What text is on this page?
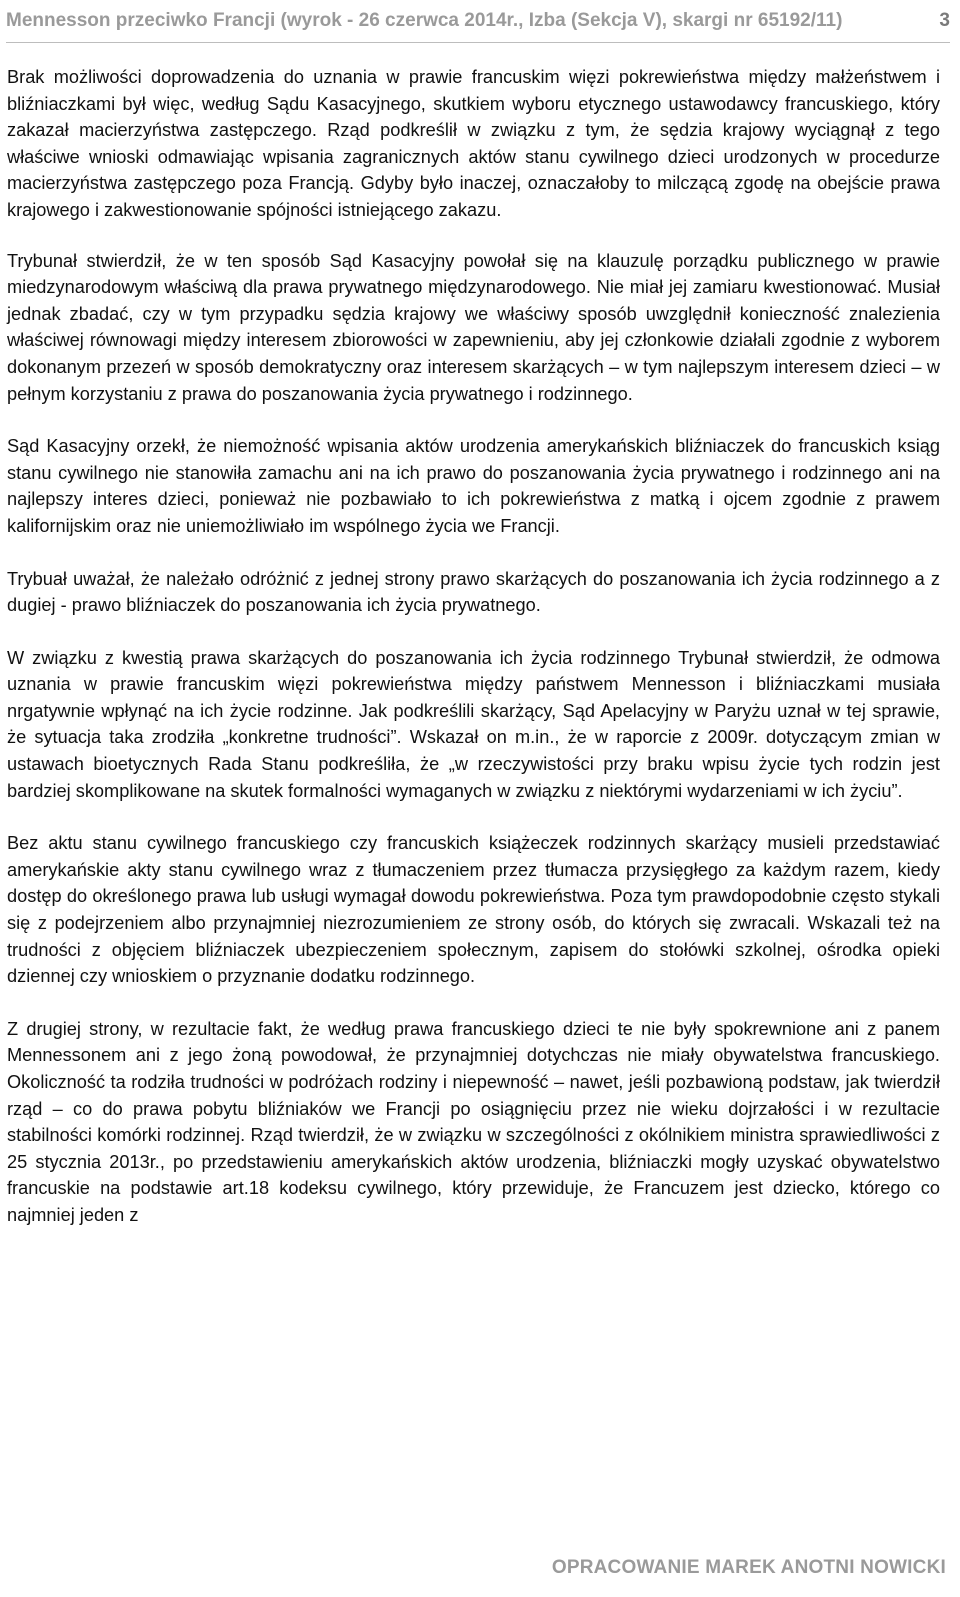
Mennesson przeciwko Francji (wyrok - 26 czerwca 2014r., Izba (Sekcja V), skargi nr 65192/11)	3

Brak możliwości doprowadzenia do uznania w prawie francuskim więzi pokrewieństwa między małżeństwem i bliźniaczkami był więc, według Sądu Kasacyjnego, skutkiem wyboru etycznego ustawodawcy francuskiego, który zakazał macierzyństwa zastępczego. Rząd podkreślił w związku z tym, że sędzia krajowy wyciągnął z tego właściwe wnioski odmawiając wpisania zagranicznych aktów stanu cywilnego dzieci urodzonych w procedurze macierzyństwa zastępczego poza Francją. Gdyby było inaczej, oznaczałoby to milczącą zgodę na obejście prawa krajowego i zakwestionowanie spójności istniejącego zakazu.

Trybunał stwierdził, że w ten sposób Sąd Kasacyjny powołał się na klauzulę porządku publicznego w prawie miedzynarodowym właściwą dla prawa prywatnego międzynarodowego. Nie miał jej zamiaru kwestionować. Musiał jednak zbadać, czy w tym przypadku sędzia krajowy we właściwy sposób uwzględnił konieczność znalezienia właściwej równowagi między interesem zbiorowości w zapewnieniu, aby jej członkowie działali zgodnie z wyborem dokonanym przezeń w sposób demokratyczny oraz interesem skarżących – w tym najlepszym interesem dzieci – w pełnym korzystaniu z prawa do poszanowania życia prywatnego i rodzinnego.

Sąd Kasacyjny orzekł, że niemożność wpisania aktów urodzenia amerykańskich bliźniaczek do francuskich ksiąg stanu cywilnego nie stanowiła zamachu ani na ich prawo do poszanowania życia prywatnego i rodzinnego ani na najlepszy interes dzieci, ponieważ nie pozbawiało to ich pokrewieństwa z matką i ojcem zgodnie z prawem kalifornijskim oraz nie uniemożliwiało im wspólnego życia we Francji.

Trybuał uważał, że należało odróżnić z jednej strony prawo skarżących do poszanowania ich życia rodzinnego a z dugiej - prawo bliźniaczek do poszanowania ich życia prywatnego.

W związku z kwestią prawa skarżących do poszanowania ich życia rodzinnego Trybunał stwierdził, że odmowa uznania w prawie francuskim więzi pokrewieństwa między państwem Mennesson i bliźniaczkami musiała nrgatywnie wpłynąć na ich życie rodzinne. Jak podkreślili skarżący, Sąd Apelacyjny w Paryżu uznał w tej sprawie, że sytuacja taka zrodziła „konkretne trudności”. Wskazał on m.in., że w raporcie z 2009r. dotyczącym zmian w ustawach bioetycznych Rada Stanu podkreśliła, że „w rzeczywistości przy braku wpisu życie tych rodzin jest bardziej skomplikowane na skutek formalności wymaganych w związku z niektórymi wydarzeniami w ich życiu”.

Bez aktu stanu cywilnego francuskiego czy francuskich książeczek rodzinnych skarżący musieli przedstawiać amerykańskie akty stanu cywilnego wraz z tłumaczeniem przez tłumacza przysięgłego za każdym razem, kiedy dostęp do określonego prawa lub usługi wymagał dowodu pokrewieństwa. Poza tym prawdopodobnie często stykali się z podejrzeniem albo przynajmniej niezrozumieniem ze strony osób, do których się zwracali. Wskazali też na trudności z objęciem bliźniaczek ubezpieczeniem społecznym, zapisem do stołówki szkolnej, ośrodka opieki dziennej czy wnioskiem o przyznanie dodatku rodzinnego.

Z drugiej strony, w rezultacie fakt, że według prawa francuskiego dzieci te nie były spokrewnione ani z panem Mennessonem ani z jego żoną powodował, że przynajmniej dotychczas nie miały obywatelstwa francuskiego. Okoliczność ta rodziła trudności w podróżach rodziny i niepewność – nawet, jeśli pozbawioną podstaw, jak twierdził rząd – co do prawa pobytu bliźniaków we Francji po osiągnięciu przez nie wieku dojrzałości i w rezultacie stabilności komórki rodzinnej. Rząd twierdził, że w związku w szczególności z okólnikiem ministra sprawiedliwości z 25 stycznia 2013r., po przedstawieniu amerykańskich aktów urodzenia, bliźniaczki mogły uzyskać obywatelstwo francuskie na podstawie art.18 kodeksu cywilnego, który przewiduje, że Francuzem jest dziecko, którego co najmniej jeden z

OPRACOWANIE MAREK ANOTNI NOWICKI
